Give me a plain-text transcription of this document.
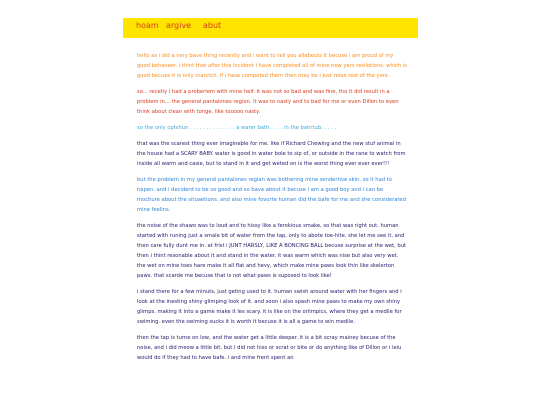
hoam argive abut

hello as i did a very bave thing recently and i want to tell you allabouts it becuse i am proud of my good behaveer. i thint that after this incident i have completed all of mine new yers resilotions. which is good becues it is only marctch. if i hase competed them then may be i just relax rest of the yere.

so... recetly i had a proberlem with mine helf. it was not so bad and was fine, tho it did result in a problem in... the general pantalones region. it was to nasty and to bad for me or even Dillon to even think about clean with tonge. like tooooo nasty.

so the only optshun . . . . . . . . . . . . . . a water bath . . . . in the bahrtub. . . . .

that was the scarest thing ever imagineble for me. like if Richard Chewing and the new stuf animal in the house had a SCARY BABY. water is good in water bole to sip of, or outside in the rane to watch from inside all warm and casie, but to stand in it and get weted on is the worst thing ever ever ever!!!

but the problem in my general pantalones regian was bothering mine sendertive skin, so it had to hapen. and i deciderd to be so good and so bave about it becuse i am a good boy and i can be mochure about the situaetions. and also mine fovorte human did the bafe for me and she considerated mine feelins.

the noise of the shawo was to loud and to hissy like a ferokious smake, so that was right out. human started with runing just a smale bit of water from the tap, only to abote toe-hite. she let me see it, and then care fully dunt me in. at frist i JUNT HARSLY, LIKE A BONCING BALL becuse surprise at the wet, but then i thint resonable about it and stand in the water. it was warm which was nise but also very wet. the wet on mine toes hare make it all flat and hevy, which make mine paws look thin like skelerton paws. that scarde me becuse that is not what paws is suposed to look like!

i stand there for a few minuts, just geting used to it. human swish around water with her fingers and i look at the inesting shiny glimping look of it. and soon i also spash mine paws to make my own shiny glimps. making it into a game make it les scary. it is like on the orlimpics, where they get a medile for swiming. even the swiming sucks it is worth it becuse it is all a game to win medile.

then the tap is turne on low, and the water get a little deeper. it is a bit scray mainey becuse of the noise, and i did meow a little bit, but I did not hiss or scrat or bite or do anything like of Dillon or i leiu would do if they had to have bafe. i and mine frent spent an
